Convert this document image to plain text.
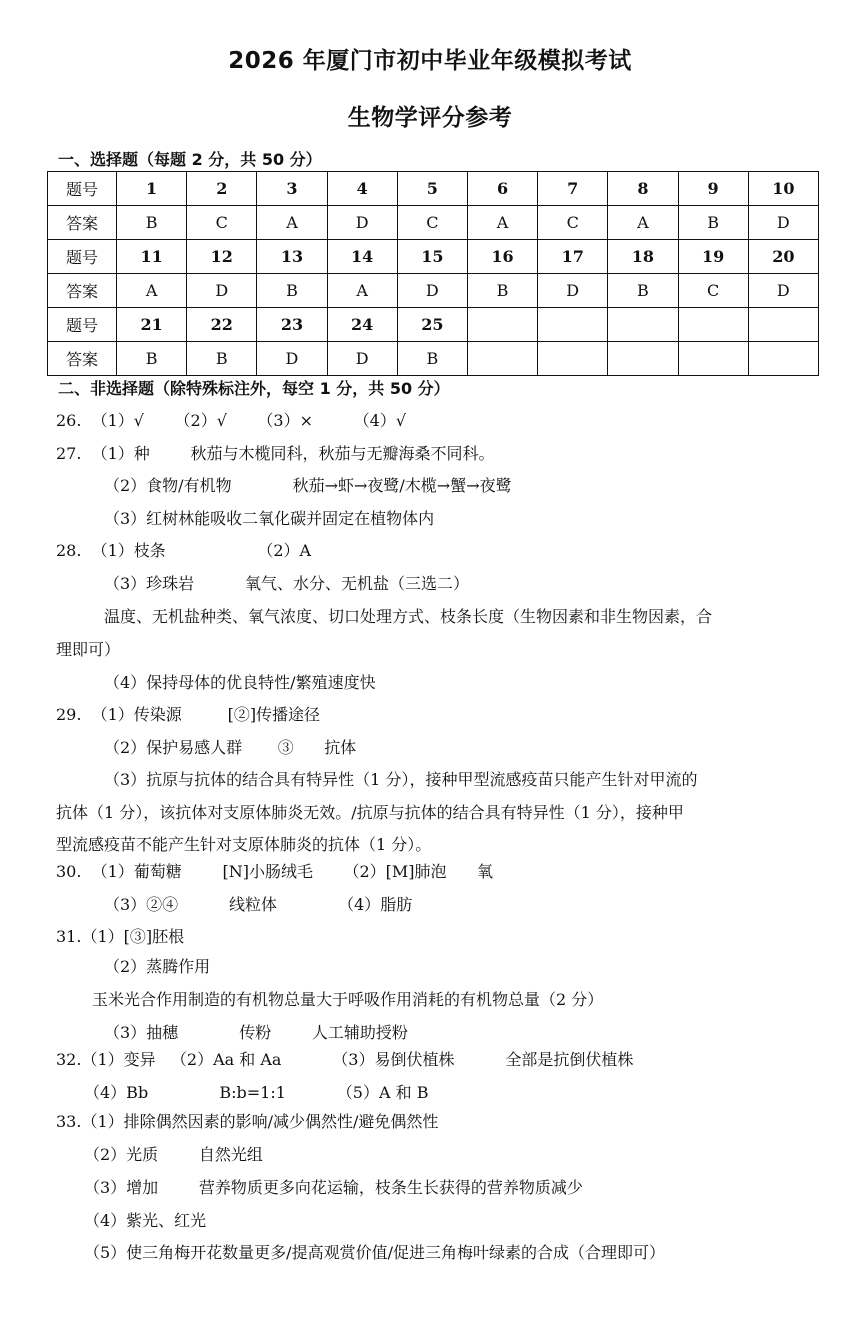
2026 年厦门市初中毕业年级模拟考试
生物学评分参考
一、选择题（每题 2 分，共 50 分）
题号	1	2	3	4	5	6	7	8	9	10
答案	B	C	A	D	C	A	C	A	B	D
题号	11	12	13	14	15	16	17	18	19	20
答案	A	D	B	A	D	B	D	B	C	D
题号	21	22	23	24	25					
答案	B	B	D	D	B					
二、非选择题（除特殊标注外，每空 1 分，共 50 分）
26.  （1）√      （2）√      （3）×        （4）√
27.  （1）种        秋茄与木榄同科，秋茄与无瓣海桑不同科。
（2）食物/有机物            秋茄→虾→夜鹭/木榄→蟹→夜鹭
（3）红树林能吸收二氧化碳并固定在植物体内
28.  （1）枝条                  （2）A
（3）珍珠岩          氧气、水分、无机盐（三选二）
温度、无机盐种类、氧气浓度、切口处理方式、枝条长度（生物因素和非生物因素，合
理即可）
（4）保持母体的优良特性/繁殖速度快
29.  （1）传染源         [②]传播途径
（2）保护易感人群       ③      抗体
（3）抗原与抗体的结合具有特异性（1 分），接种甲型流感疫苗只能产生针对甲流的
抗体（1 分），该抗体对支原体肺炎无效。/抗原与抗体的结合具有特异性（1 分），接种甲
型流感疫苗不能产生针对支原体肺炎的抗体（1 分）。
30.  （1）葡萄糖        [N]小肠绒毛      （2）[M]肺泡      氧
（3）②④          线粒体            （4）脂肪
31.（1）[③]胚根
（2）蒸腾作用
玉米光合作用制造的有机物总量大于呼吸作用消耗的有机物总量（2 分）
（3）抽穗            传粉        人工辅助授粉
32.（1）变异   （2）Aa 和 Aa          （3）易倒伏植株          全部是抗倒伏植株
（4）Bb              B:b=1:1          （5）A 和 B
33.（1）排除偶然因素的影响/减少偶然性/避免偶然性
（2）光质        自然光组
（3）增加        营养物质更多向花运输，枝条生长获得的营养物质减少
（4）紫光、红光
（5）使三角梅开花数量更多/提高观赏价值/促进三角梅叶绿素的合成（合理即可）
